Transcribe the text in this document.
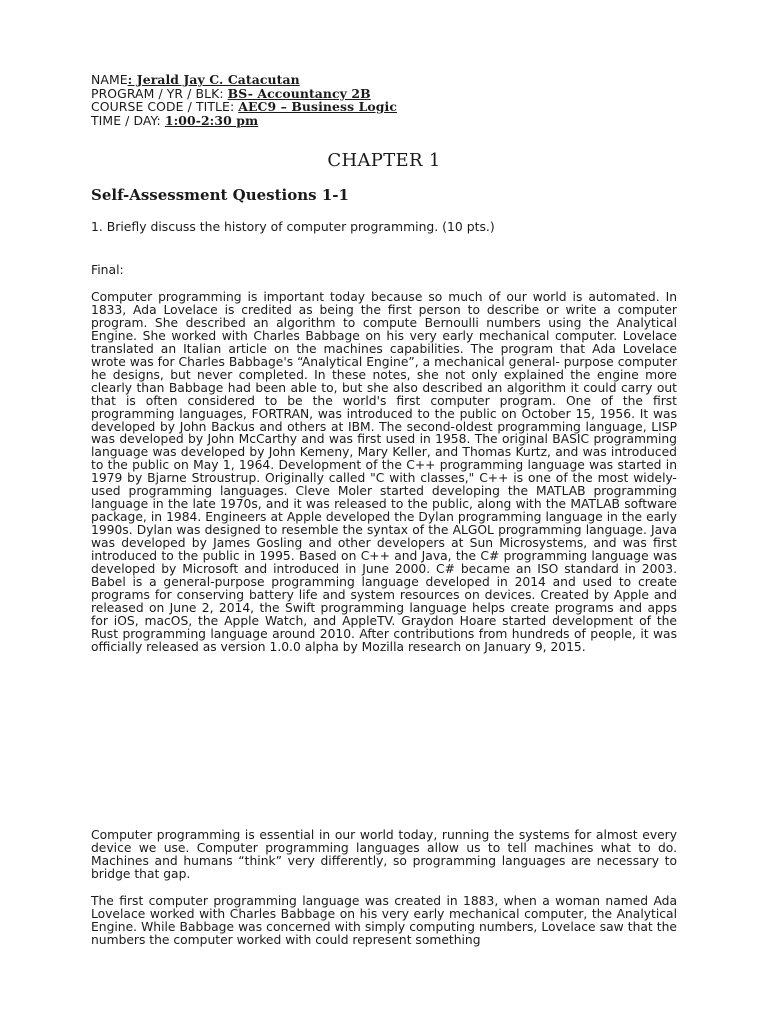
NAME: Jerald Jay C. Catacutan
PROGRAM / YR / BLK: BS- Accountancy 2B
COURSE CODE / TITLE: AEC9 – Business Logic
TIME / DAY: 1:00-2:30 pm
CHAPTER 1
Self-Assessment Questions 1-1
1. Briefly discuss the history of computer programming. (10 pts.)
Final:
Computer programming is important today because so much of our world is automated. In 1833, Ada Lovelace is credited as being the first person to describe or write a computer program. She described an algorithm to compute Bernoulli numbers using the Analytical Engine. She worked with Charles Babbage on his very early mechanical computer. Lovelace translated an Italian article on the machines capabilities. The program that Ada Lovelace wrote was for Charles Babbage's “Analytical Engine”, a mechanical general- purpose computer he designs, but never completed. In these notes, she not only explained the engine more clearly than Babbage had been able to, but she also described an algorithm it could carry out that is often considered to be the world's first computer program. One of the first programming languages, FORTRAN, was introduced to the public on October 15, 1956. It was developed by John Backus and others at IBM. The second-oldest programming language, LISP was developed by John McCarthy and was first used in 1958. The original BASIC programming language was developed by John Kemeny, Mary Keller, and Thomas Kurtz, and was introduced to the public on May 1, 1964. Development of the C++ programming language was started in 1979 by Bjarne Stroustrup. Originally called "C with classes," C++ is one of the most widely-used programming languages. Cleve Moler started developing the MATLAB programming language in the late 1970s, and it was released to the public, along with the MATLAB software package, in 1984. Engineers at Apple developed the Dylan programming language in the early 1990s. Dylan was designed to resemble the syntax of the ALGOL programming language. Java was developed by James Gosling and other developers at Sun Microsystems, and was first introduced to the public in 1995. Based on C++ and Java, the C# programming language was developed by Microsoft and introduced in June 2000. C# became an ISO standard in 2003. Babel is a general-purpose programming language developed in 2014 and used to create programs for conserving battery life and system resources on devices. Created by Apple and released on June 2, 2014, the Swift programming language helps create programs and apps for iOS, macOS, the Apple Watch, and AppleTV. Graydon Hoare started development of the Rust programming language around 2010. After contributions from hundreds of people, it was officially released as version 1.0.0 alpha by Mozilla research on January 9, 2015.
Computer programming is essential in our world today, running the systems for almost every device we use. Computer programming languages allow us to tell machines what to do. Machines and humans “think” very differently, so programming languages are necessary to bridge that gap.
The first computer programming language was created in 1883, when a woman named Ada Lovelace worked with Charles Babbage on his very early mechanical computer, the Analytical Engine. While Babbage was concerned with simply computing numbers, Lovelace saw that the numbers the computer worked with could represent something
